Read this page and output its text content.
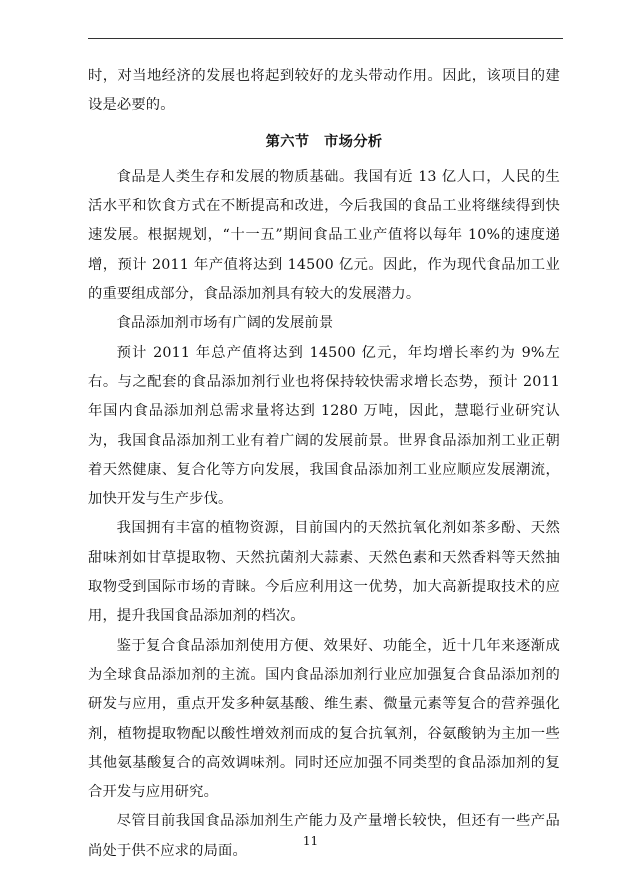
时，对当地经济的发展也将起到较好的龙头带动作用。因此，该项目的建设是必要的。

第六节　市场分析

食品是人类生存和发展的物质基础。我国有近 13 亿人口，人民的生活水平和饮食方式在不断提高和改进，今后我国的食品工业将继续得到快速发展。根据规划，“十一五”期间食品工业产值将以每年 10%的速度递增，预计 2011 年产值将达到 14500 亿元。因此，作为现代食品加工业的重要组成部分，食品添加剂具有较大的发展潜力。

食品添加剂市场有广阔的发展前景

预计 2011 年总产值将达到 14500 亿元，年均增长率约为 9%左右。与之配套的食品添加剂行业也将保持较快需求增长态势，预计 2011 年国内食品添加剂总需求量将达到 1280 万吨，因此，慧聪行业研究认为，我国食品添加剂工业有着广阔的发展前景。世界食品添加剂工业正朝着天然健康、复合化等方向发展，我国食品添加剂工业应顺应发展潮流，加快开发与生产步伐。

我国拥有丰富的植物资源，目前国内的天然抗氧化剂如茶多酚、天然甜味剂如甘草提取物、天然抗菌剂大蒜素、天然色素和天然香料等天然抽取物受到国际市场的青睐。今后应利用这一优势，加大高新提取技术的应用，提升我国食品添加剂的档次。

鉴于复合食品添加剂使用方便、效果好、功能全，近十几年来逐渐成为全球食品添加剂的主流。国内食品添加剂行业应加强复合食品添加剂的研发与应用，重点开发多种氨基酸、维生素、微量元素等复合的营养强化剂，植物提取物配以酸性增效剂而成的复合抗氧剂，谷氨酸钠为主加一些其他氨基酸复合的高效调味剂。同时还应加强不同类型的食品添加剂的复合开发与应用研究。

尽管目前我国食品添加剂生产能力及产量增长较快，但还有一些产品尚处于供不应求的局面。

11
